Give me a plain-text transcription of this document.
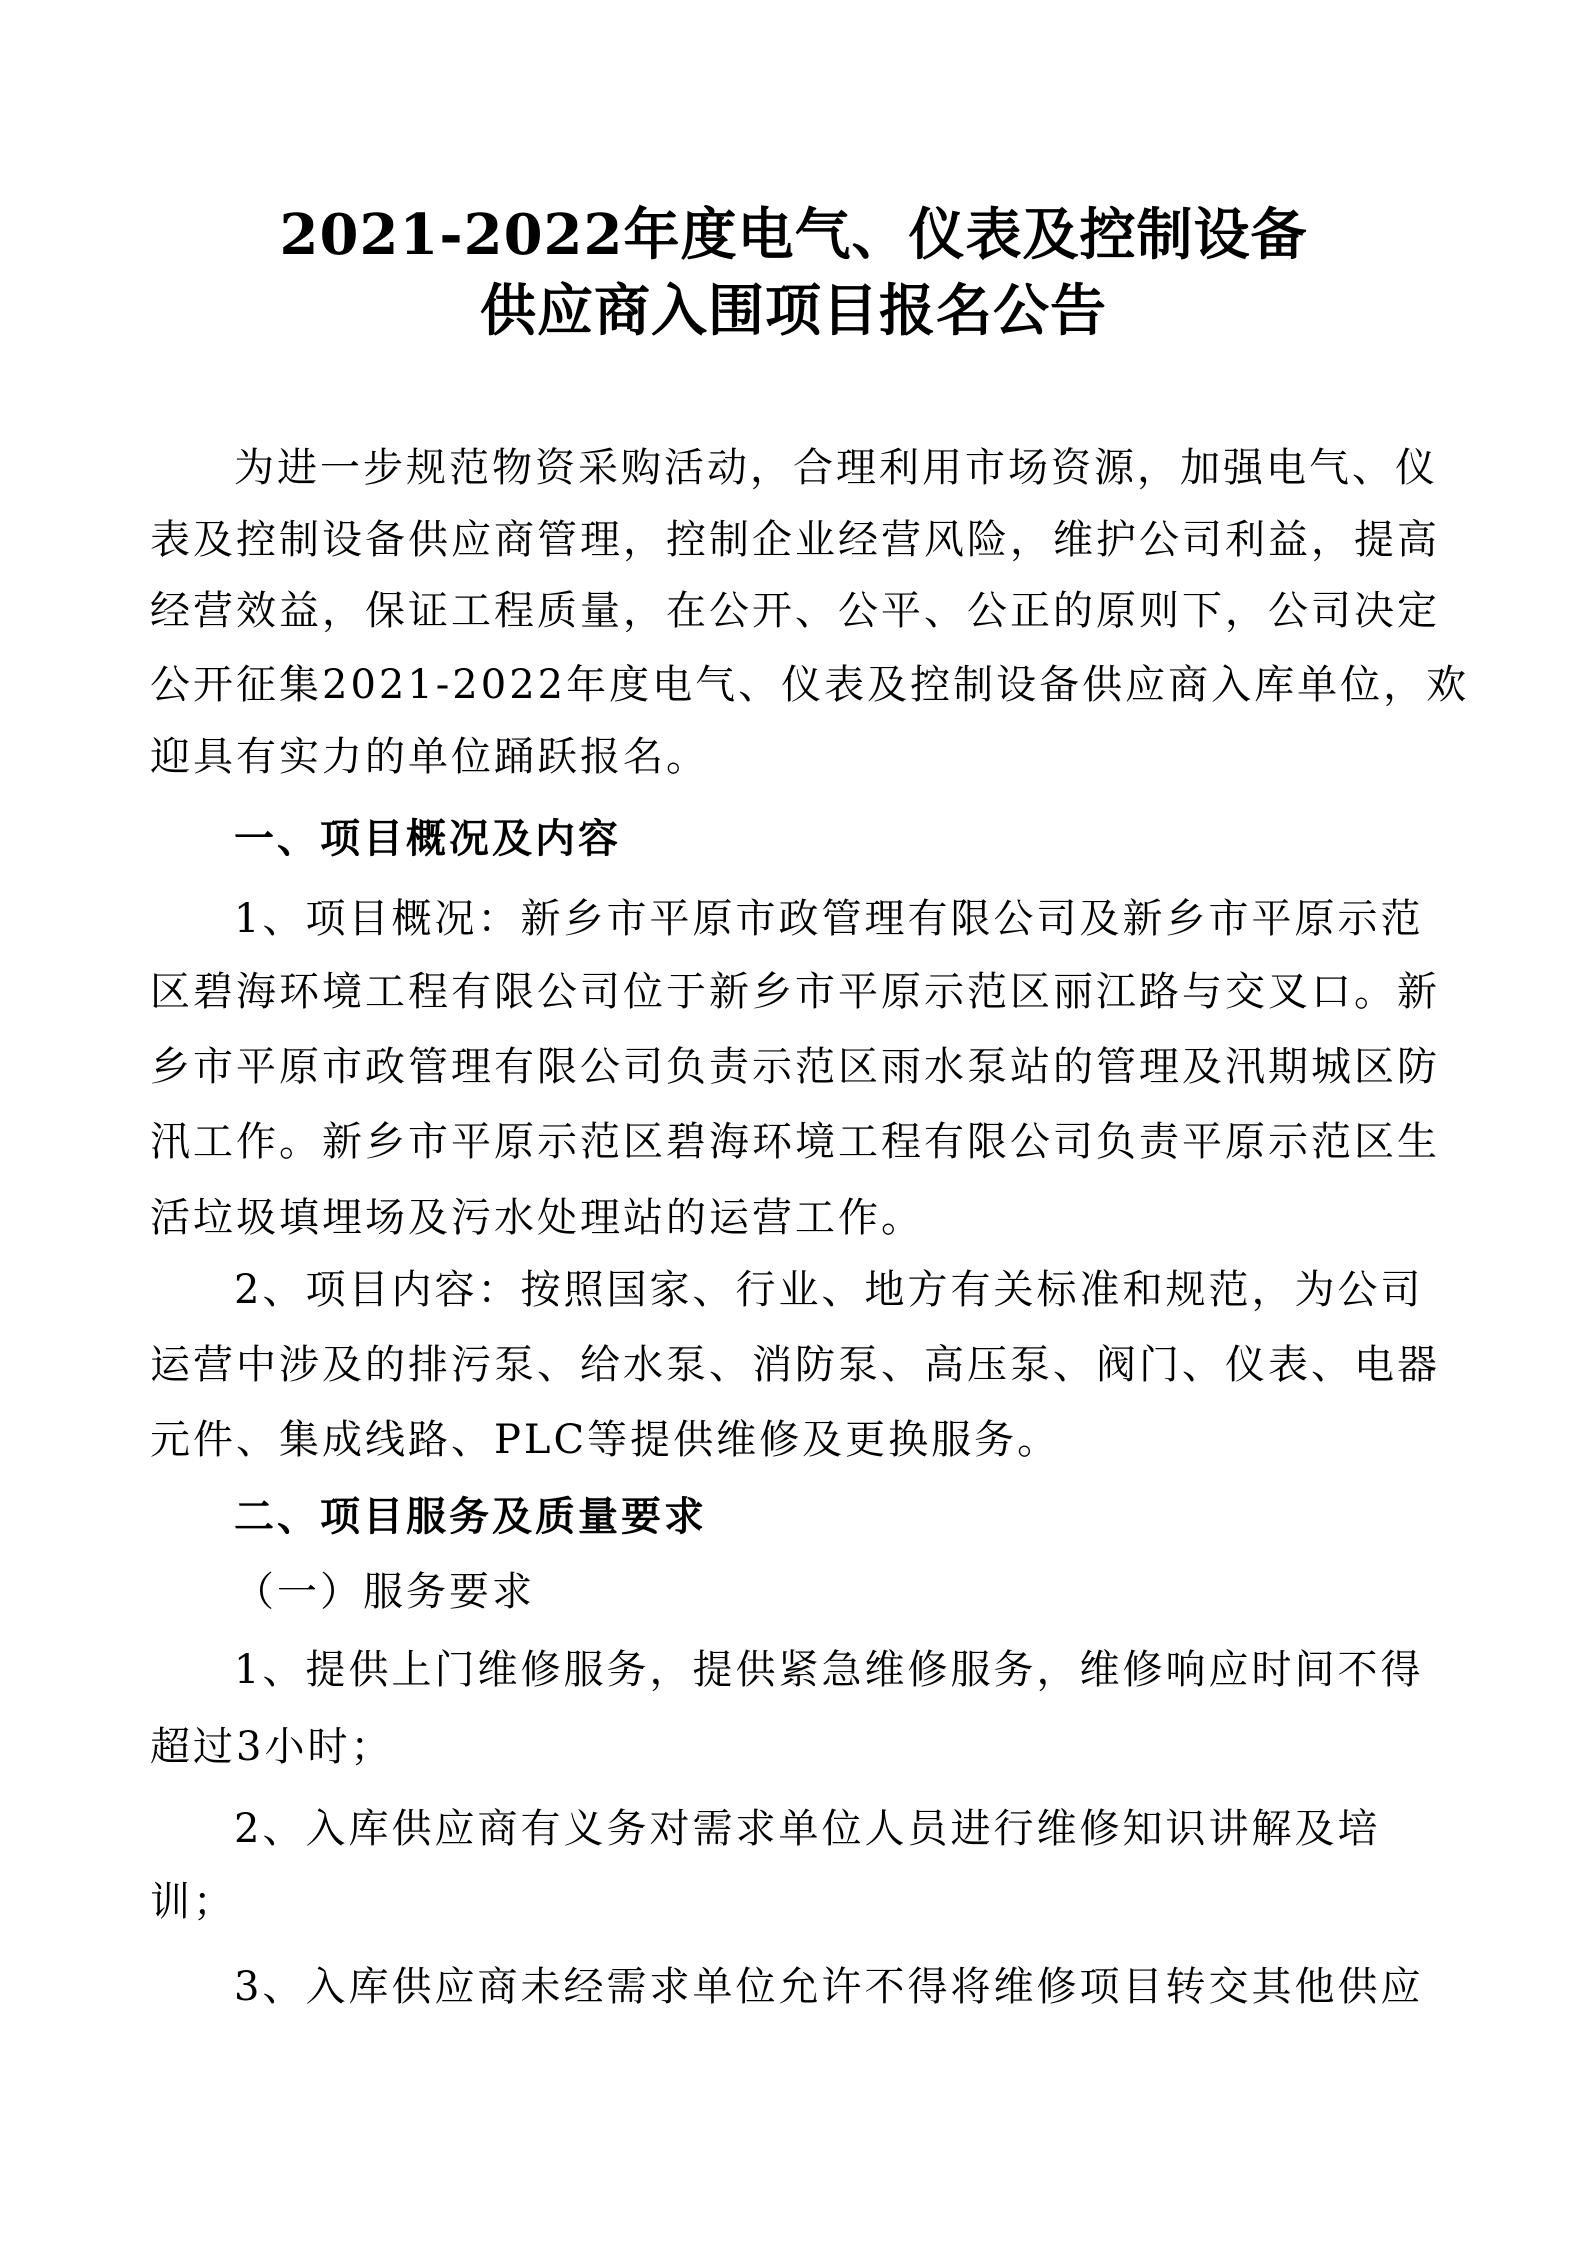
2021-2022年度电气、仪表及控制设备
供应商入围项目报名公告
为进一步规范物资采购活动，合理利用市场资源，加强电气、仪
表及控制设备供应商管理，控制企业经营风险，维护公司利益，提高
经营效益，保证工程质量，在公开、公平、公正的原则下，公司决定
公开征集2021-2022年度电气、仪表及控制设备供应商入库单位，欢
迎具有实力的单位踊跃报名。
一、项目概况及内容
1、项目概况：新乡市平原市政管理有限公司及新乡市平原示范
区碧海环境工程有限公司位于新乡市平原示范区丽江路与交叉口。新
乡市平原市政管理有限公司负责示范区雨水泵站的管理及汛期城区防
汛工作。新乡市平原示范区碧海环境工程有限公司负责平原示范区生
活垃圾填埋场及污水处理站的运营工作。
2、项目内容：按照国家、行业、地方有关标准和规范，为公司
运营中涉及的排污泵、给水泵、消防泵、高压泵、阀门、仪表、电器
元件、集成线路、PLC等提供维修及更换服务。
二、项目服务及质量要求
（一）服务要求
1、提供上门维修服务，提供紧急维修服务，维修响应时间不得
超过3小时；
2、入库供应商有义务对需求单位人员进行维修知识讲解及培
训；
3、入库供应商未经需求单位允许不得将维修项目转交其他供应
